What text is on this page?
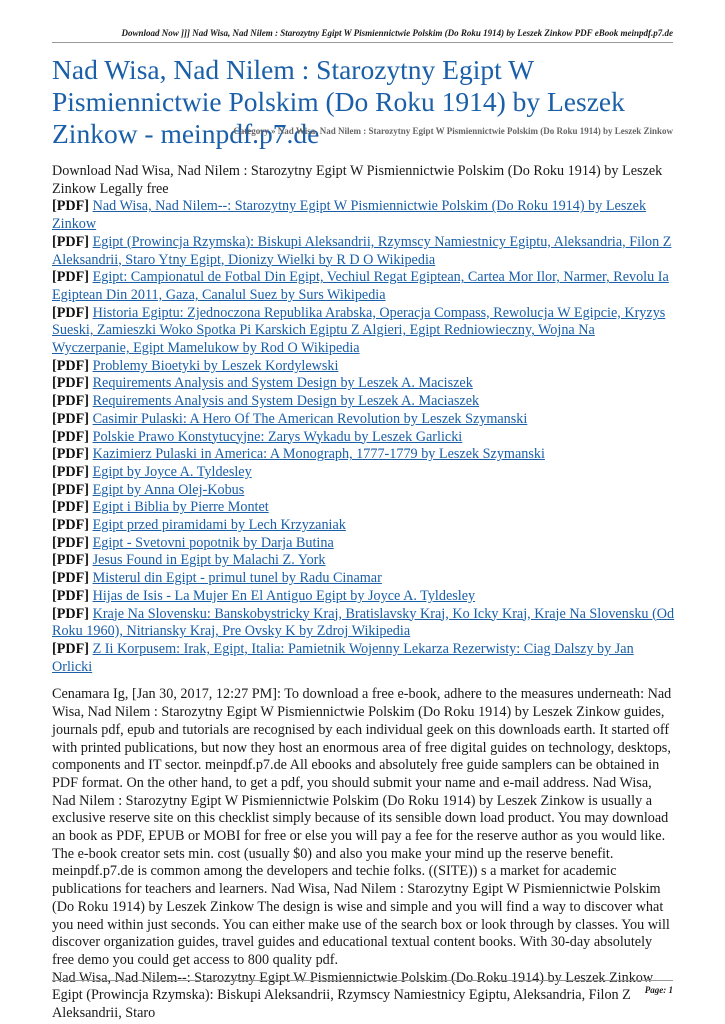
Download Now ]]] Nad Wisa, Nad Nilem : Starozytny Egipt W Pismiennictwie Polskim (Do Roku 1914) by Leszek Zinkow PDF eBook meinpdf.p7.de
Nad Wisa, Nad Nilem : Starozytny Egipt W Pismiennictwie Polskim (Do Roku 1914) by Leszek Zinkow - meinpdf.p7.de
Category » Nad Wisa, Nad Nilem : Starozytny Egipt W Pismiennictwie Polskim (Do Roku 1914) by Leszek Zinkow

Download Nad Wisa, Nad Nilem : Starozytny Egipt W Pismiennictwie Polskim (Do Roku 1914) by Leszek Zinkow Legally free

[PDF] Nad Wisa, Nad Nilem--: Starozytny Egipt W Pismiennictwie Polskim (Do Roku 1914) by Leszek Zinkow
[PDF] Egipt (Prowincja Rzymska): Biskupi Aleksandrii, Rzymscy Namiestnicy Egiptu, Aleksandria, Filon Z Aleksandrii, Staro Ytny Egipt, Dionizy Wielki by R D O Wikipedia
[PDF] Egipt: Campionatul de Fotbal Din Egipt, Vechiul Regat Egiptean, Cartea Mor Ilor, Narmer, Revolu Ia Egiptean Din 2011, Gaza, Canalul Suez by Surs Wikipedia
[PDF] Historia Egiptu: Zjednoczona Republika Arabska, Operacja Compass, Rewolucja W Egipcie, Kryzys Sueski, Zamieszki Woko Spotka Pi Karskich Egiptu Z Algieri, Egipt Redniowieczny, Wojna Na Wyczerpanie, Egipt Mamelukow by Rod O Wikipedia
[PDF] Problemy Bioetyki by Leszek Kordylewski
[PDF] Requirements Analysis and System Design by Leszek A. Maciszek
[PDF] Requirements Analysis and System Design by Leszek A. Maciaszek
[PDF] Casimir Pulaski: A Hero Of The American Revolution by Leszek Szymanski
[PDF] Polskie Prawo Konstytucyjne: Zarys Wykadu by Leszek Garlicki
[PDF] Kazimierz Pulaski in America: A Monograph, 1777-1779 by Leszek Szymanski
[PDF] Egipt by Joyce A. Tyldesley
[PDF] Egipt by Anna Olej-Kobus
[PDF] Egipt i Biblia by Pierre Montet
[PDF] Egipt przed piramidami by Lech Krzyzaniak
[PDF] Egipt - Svetovni popotnik by Darja Butina
[PDF] Jesus Found in Egipt by Malachi Z. York
[PDF] Misterul din Egipt - primul tunel by Radu Cinamar
[PDF] Hijas de Isis - La Mujer En El Antiguo Egipt by Joyce A. Tyldesley
[PDF] Kraje Na Slovensku: Banskobystricky Kraj, Bratislavsky Kraj, Ko Icky Kraj, Kraje Na Slovensku (Od Roku 1960), Nitriansky Kraj, Pre Ovsky K by Zdroj Wikipedia
[PDF] Z Ii Korpusem: Irak, Egipt, Italia: Pamietnik Wojenny Lekarza Rezerwisty: Ciag Dalszy by Jan Orlicki

Cenamara Ig, [Jan 30, 2017, 12:27 PM]: To download a free e-book, adhere to the measures underneath: Nad Wisa, Nad Nilem : Starozytny Egipt W Pismiennictwie Polskim (Do Roku 1914) by Leszek Zinkow guides, journals pdf, epub and tutorials are recognised by each individual geek on this downloads earth. It started off with printed publications, but now they host an enormous area of free digital guides on technology, desktops, components and IT sector. meinpdf.p7.de All ebooks and absolutely free guide samplers can be obtained in PDF format. On the other hand, to get a pdf, you should submit your name and e-mail address. Nad Wisa, Nad Nilem : Starozytny Egipt W Pismiennictwie Polskim (Do Roku 1914) by Leszek Zinkow is usually a exclusive reserve site on this checklist simply because of its sensible down load product. You may download an book as PDF, EPUB or MOBI for free or else you will pay a fee for the reserve author as you would like. The e-book creator sets min. cost (usually $0) and also you make your mind up the reserve benefit. meinpdf.p7.de is common among the developers and techie folks. ((SITE)) s a market for academic publications for teachers and learners. Nad Wisa, Nad Nilem : Starozytny Egipt W Pismiennictwie Polskim (Do Roku 1914) by Leszek Zinkow The design is wise and simple and you will find a way to discover what you need within just seconds. You can either make use of the search box or look through by classes. You will discover organization guides, travel guides and educational textual content books. With 30-day absolutely free demo you could get access to 800 quality pdf.

Nad Wisa, Nad Nilem--: Starozytny Egipt W Pismiennictwie Polskim (Do Roku 1914) by Leszek Zinkow Egipt (Prowincja Rzymska): Biskupi Aleksandrii, Rzymscy Namiestnicy Egiptu, Aleksandria, Filon Z Aleksandrii, Staro

Page: 1
